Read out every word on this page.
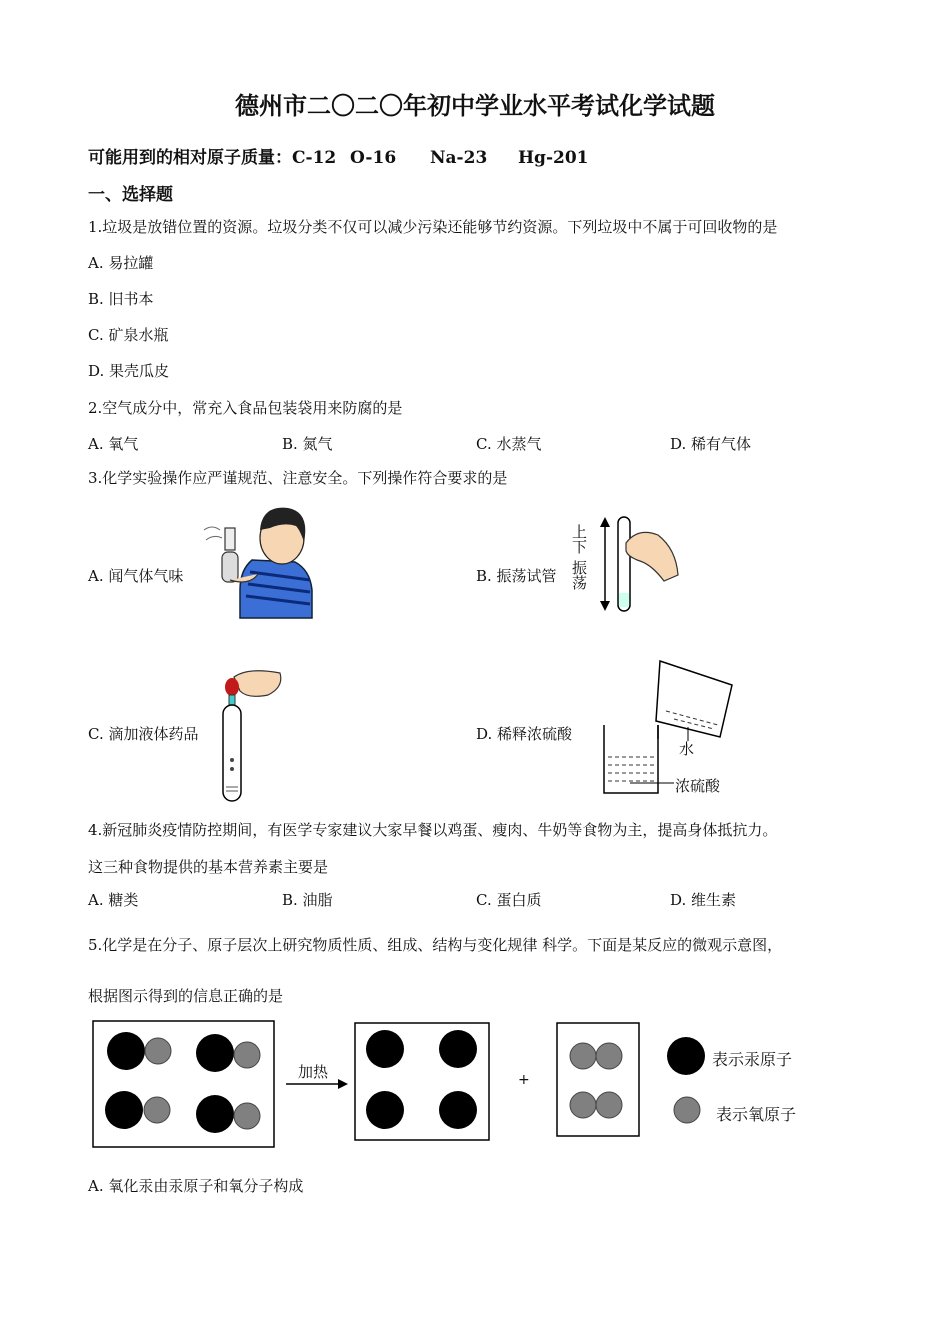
德州市二〇二〇年初中学业水平考试化学试题
可能用到的相对原子质量：C-12 O-16 Na-23 Hg-201
一、选择题
1.垃圾是放错位置的资源。垃圾分类不仅可以减少污染还能够节约资源。下列垃圾中不属于可回收物的是
A. 易拉罐
B. 旧书本
C. 矿泉水瓶
D. 果壳瓜皮
2.空气成分中，常充入食品包装袋用来防腐的是
A. 氧气	B. 氮气	C. 水蒸气	D. 稀有气体
3.化学实验操作应严谨规范、注意安全。下列操作符合要求的是
A. 闻气体气味	B. 振荡试管
C. 滴加液体药品	D. 稀释浓硫酸
上下
振荡
水
浓硫酸
4.新冠肺炎疫情防控期间，有医学专家建议大家早餐以鸡蛋、瘦肉、牛奶等食物为主，提高身体抵抗力。
这三种食物提供的基本营养素主要是
A. 糖类	B. 油脂	C. 蛋白质	D. 维生素
5.化学是在分子、原子层次上研究物质性质、组成、结构与变化规律 科学。下面是某反应的微观示意图，
根据图示得到的信息正确的是
加热	+
表示汞原子
表示氧原子
A. 氧化汞由汞原子和氧分子构成
